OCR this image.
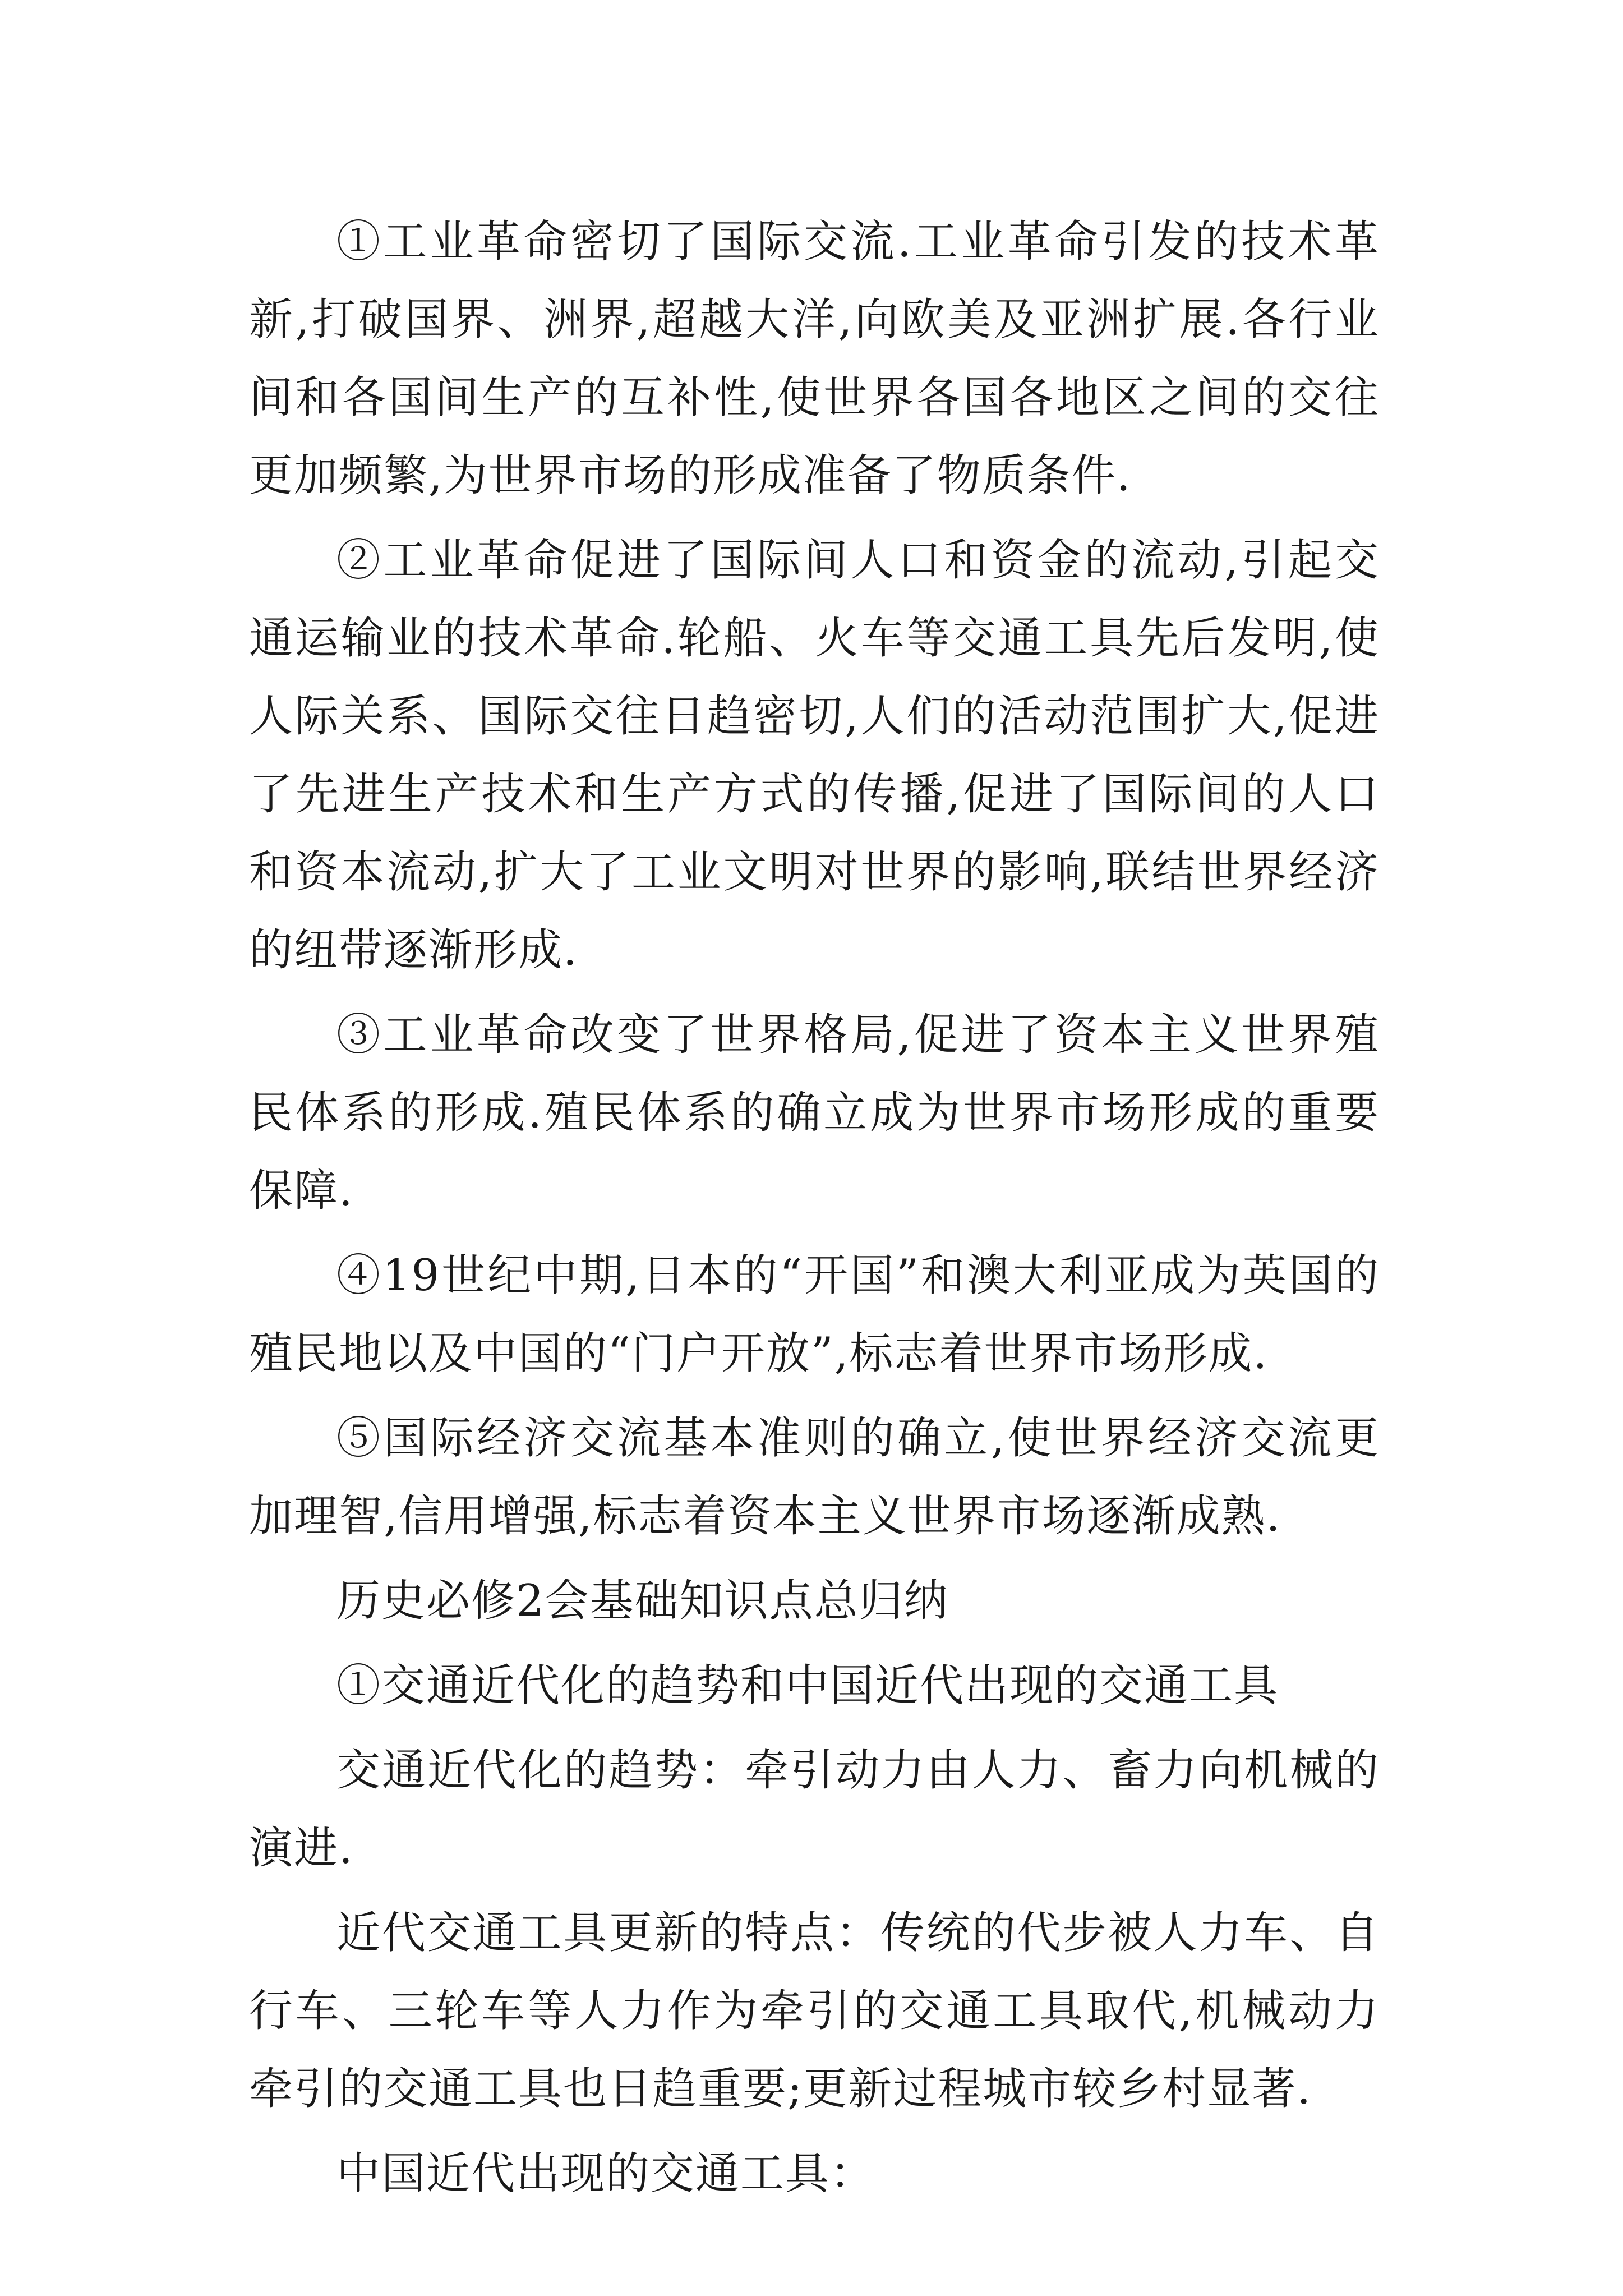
①工业革命密切了国际交流.工业革命引发的技术革新,打破国界、洲界,超越大洋,向欧美及亚洲扩展.各行业间和各国间生产的互补性,使世界各国各地区之间的交往更加频繁,为世界市场的形成准备了物质条件.

②工业革命促进了国际间人口和资金的流动,引起交通运输业的技术革命.轮船、火车等交通工具先后发明,使人际关系、国际交往日趋密切,人们的活动范围扩大,促进了先进生产技术和生产方式的传播,促进了国际间的人口和资本流动,扩大了工业文明对世界的影响,联结世界经济的纽带逐渐形成.

③工业革命改变了世界格局,促进了资本主义世界殖民体系的形成.殖民体系的确立成为世界市场形成的重要保障.

④19世纪中期,日本的“开国”和澳大利亚成为英国的殖民地以及中国的“门户开放”,标志着世界市场形成.

⑤国际经济交流基本准则的确立,使世界经济交流更加理智,信用增强,标志着资本主义世界市场逐渐成熟.

历史必修2会基础知识点总归纳

①交通近代化的趋势和中国近代出现的交通工具

交通近代化的趋势：牵引动力由人力、畜力向机械的演进.

近代交通工具更新的特点：传统的代步被人力车、自行车、三轮车等人力作为牵引的交通工具取代,机械动力牵引的交通工具也日趋重要;更新过程城市较乡村显著.

中国近代出现的交通工具：
